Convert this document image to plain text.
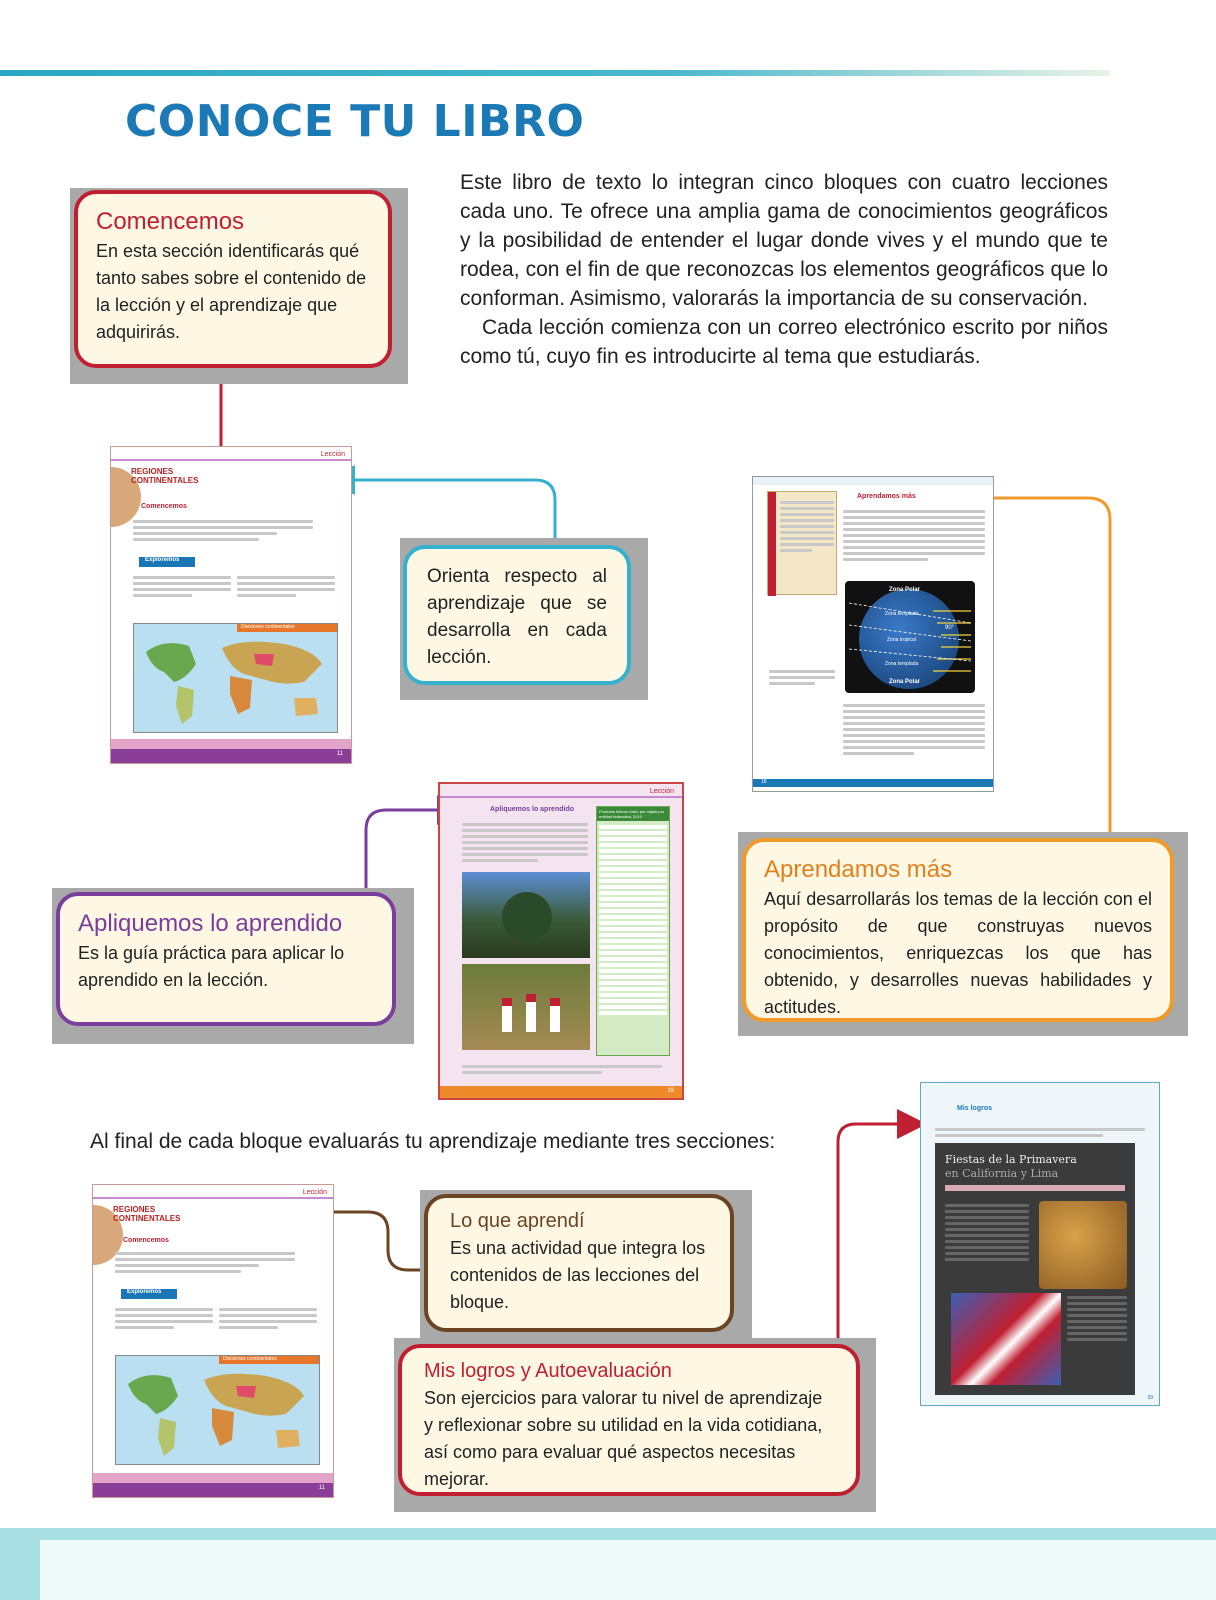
CONOCE TU LIBRO

Este libro de texto lo integran cinco bloques con cuatro lecciones cada uno. Te ofrece una amplia gama de conocimientos geográficos y la posibilidad de entender el lugar donde vives y el mundo que te rodea, con el fin de que reconozcas los elementos geográficos que lo conforman. Asimismo, valorarás la importancia de su conservación.

Cada lección comienza con un correo electrónico escrito por niños como tú, cuyo fin es introducirte al tema que estudiarás.

Comencemos

En esta sección identificarás qué tanto sabes sobre el contenido de la lección y el aprendizaje que adquirirás.

Lección
REGIONES CONTINENTALES
Comencemos
Exploremos
Divisiones continentales
11

Orienta respecto al aprendizaje que se desarrolla en cada lección.

Aprendamos más
Zona Polar
Zona templada
Zona tropical
Zona templada
Zona Polar
90°
18
Lección
Apliquemos lo aprendido	Producto interno bruto per cápita por entidad federativa, 2010
19
Apliquemos lo aprendido

Es la guía práctica para aplicar lo aprendido en la lección.

Aprendamos más

Aquí desarrollarás los temas de la lección con el propósito de que construyas nuevos conocimientos, enriquezcas los que has obtenido, y desarrolles nuevas habilidades y actitudes.

Al final de cada bloque evaluarás tu aprendizaje mediante tres secciones:
Lección
REGIONES CONTINENTALES
Comencemos
Exploremos
Divisiones continentales
11
Lo que aprendí

Es una actividad que integra los contenidos de las lecciones del bloque.

Mis logros y Autoevaluación

Son ejercicios para valorar tu nivel de aprendizaje y reflexionar sobre su utilidad en la vida cotidiana, así como para evaluar qué aspectos necesitas mejorar.

Mis logros
Fiestas de la Primavera
en California y Lima
39
